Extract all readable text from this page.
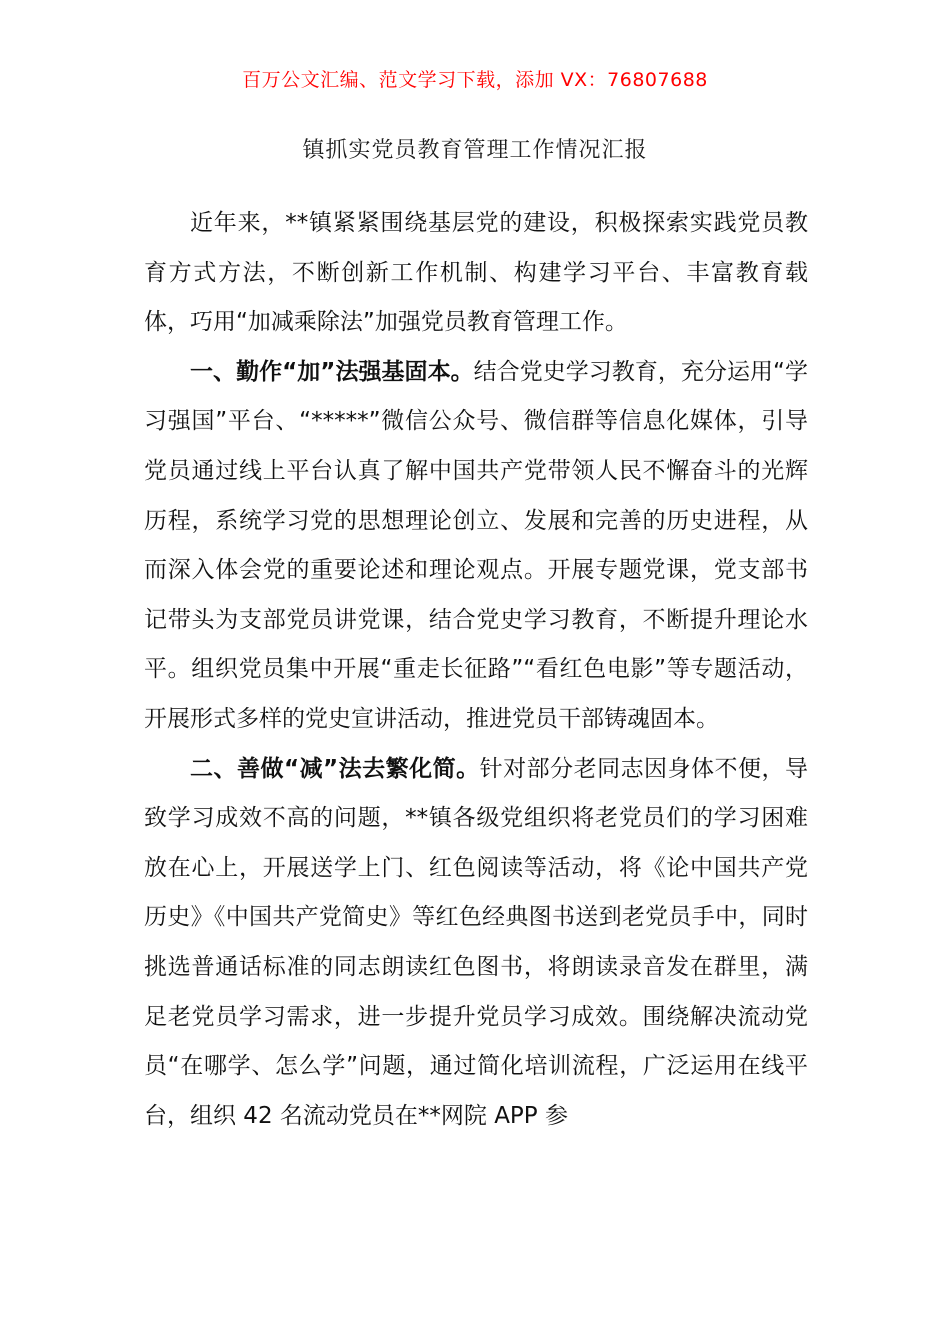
百万公文汇编、范文学习下载，添加 VX：76807688
镇抓实党员教育管理工作情况汇报

近年来，**镇紧紧围绕基层党的建设，积极探索实践党员教育方式方法，不断创新工作机制、构建学习平台、丰富教育载体，巧用“加减乘除法”加强党员教育管理工作。

一、勤作“加”法强基固本。结合党史学习教育，充分运用“学习强国”平台、“*****”微信公众号、微信群等信息化媒体，引导党员通过线上平台认真了解中国共产党带领人民不懈奋斗的光辉历程，系统学习党的思想理论创立、发展和完善的历史进程，从而深入体会党的重要论述和理论观点。开展专题党课，党支部书记带头为支部党员讲党课，结合党史学习教育，不断提升理论水平。组织党员集中开展“重走长征路”“看红色电影”等专题活动，开展形式多样的党史宣讲活动，推进党员干部铸魂固本。

二、善做“减”法去繁化简。针对部分老同志因身体不便，导致学习成效不高的问题，**镇各级党组织将老党员们的学习困难放在心上，开展送学上门、红色阅读等活动，将《论中国共产党历史》《中国共产党简史》等红色经典图书送到老党员手中，同时挑选普通话标准的同志朗读红色图书，将朗读录音发在群里，满足老党员学习需求，进一步提升党员学习成效。围绕解决流动党员“在哪学、怎么学”问题，通过简化培训流程，广泛运用在线平台，组织 42 名流动党员在**网院 APP 参
